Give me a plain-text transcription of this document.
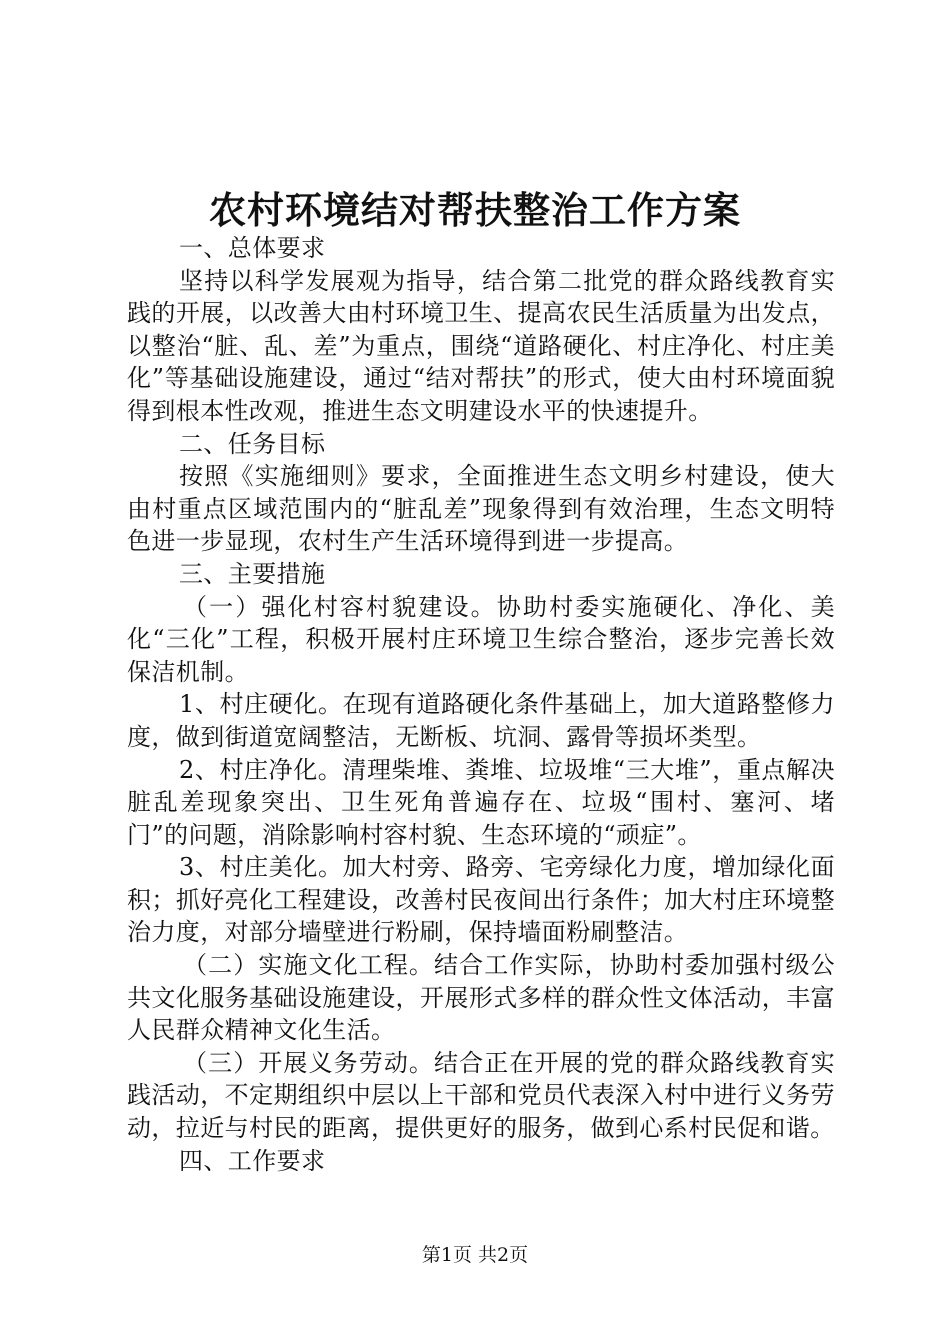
农村环境结对帮扶整治工作方案

一、总体要求

坚持以科学发展观为指导，结合第二批党的群众路线教育实践的开展，以改善大由村环境卫生、提高农民生活质量为出发点，以整治“脏、乱、差”为重点，围绕“道路硬化、村庄净化、村庄美化”等基础设施建设，通过“结对帮扶”的形式，使大由村环境面貌得到根本性改观，推进生态文明建设水平的快速提升。

二、任务目标

按照《实施细则》要求，全面推进生态文明乡村建设，使大由村重点区域范围内的“脏乱差”现象得到有效治理，生态文明特色进一步显现，农村生产生活环境得到进一步提高。

三、主要措施

（一）强化村容村貌建设。协助村委实施硬化、净化、美化“三化”工程，积极开展村庄环境卫生综合整治，逐步完善长效保洁机制。

1、村庄硬化。在现有道路硬化条件基础上，加大道路整修力度，做到街道宽阔整洁，无断板、坑洞、露骨等损坏类型。

2、村庄净化。清理柴堆、粪堆、垃圾堆“三大堆”，重点解决脏乱差现象突出、卫生死角普遍存在、垃圾“围村、塞河、堵门”的问题，消除影响村容村貌、生态环境的“顽症”。

3、村庄美化。加大村旁、路旁、宅旁绿化力度，增加绿化面积；抓好亮化工程建设，改善村民夜间出行条件；加大村庄环境整治力度，对部分墙壁进行粉刷，保持墙面粉刷整洁。

（二）实施文化工程。结合工作实际，协助村委加强村级公共文化服务基础设施建设，开展形式多样的群众性文体活动，丰富人民群众精神文化生活。

（三）开展义务劳动。结合正在开展的党的群众路线教育实践活动，不定期组织中层以上干部和党员代表深入村中进行义务劳动，拉近与村民的距离，提供更好的服务，做到心系村民促和谐。

四、工作要求

第1页 共2页
